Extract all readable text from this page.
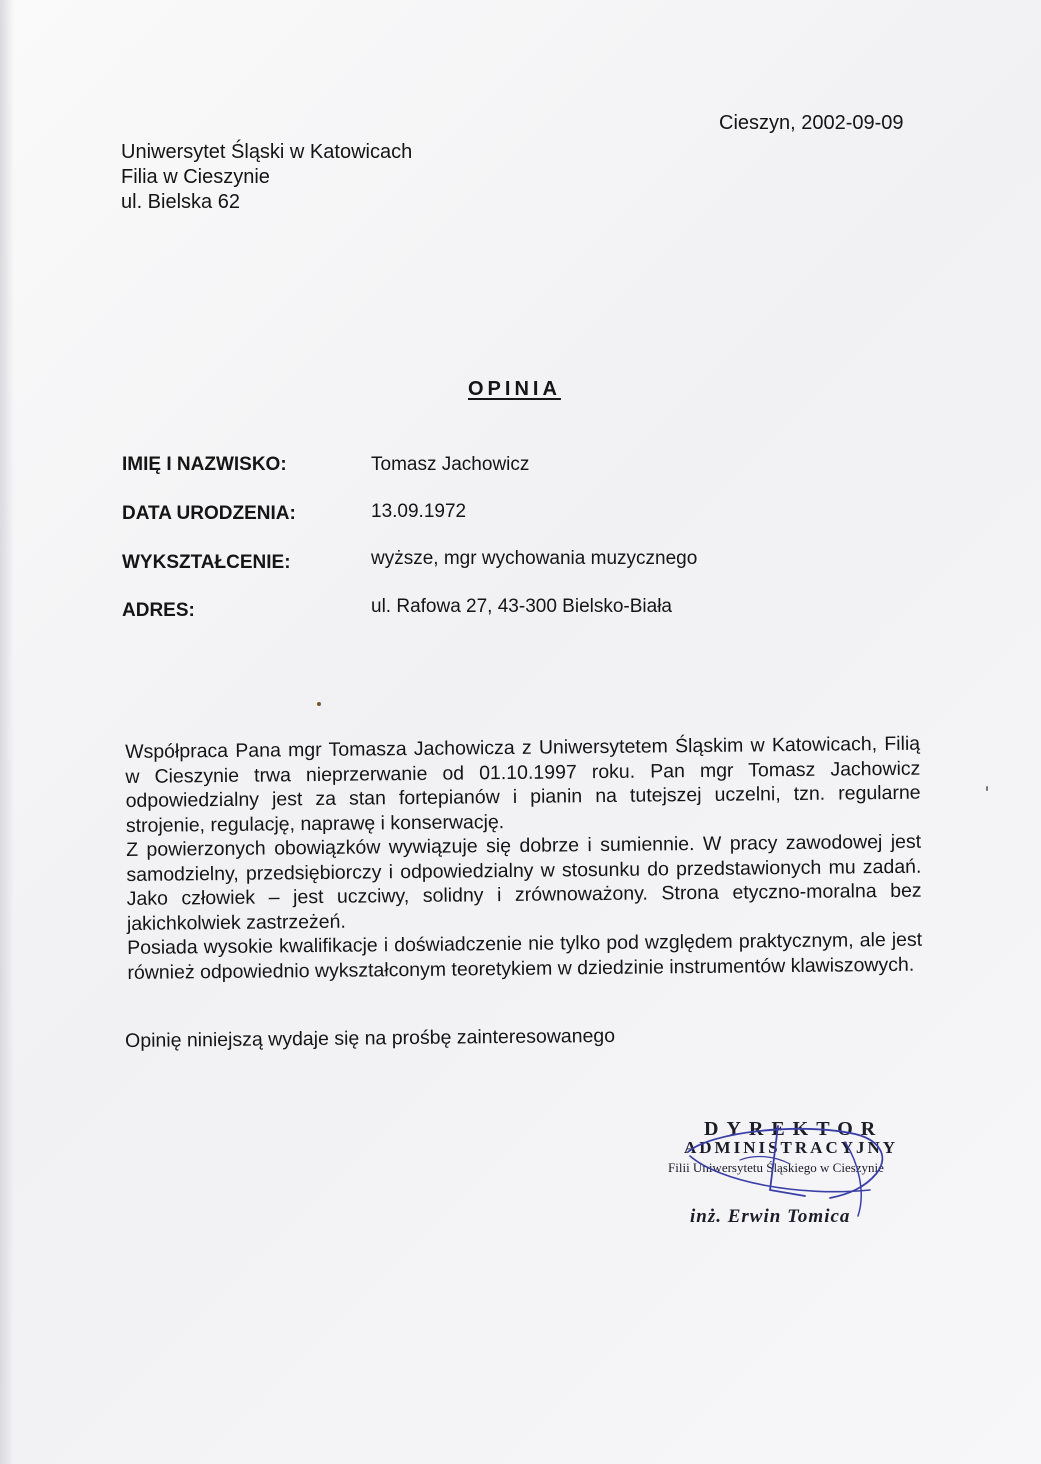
Cieszyn, 2002-09-09
Uniwersytet Śląski w Katowicach
Filia w Cieszynie
ul. Bielska 62
OPINIA
IMIĘ I NAZWISKO:	Tomasz Jachowicz
DATA URODZENIA:	13.09.1972
WYKSZTAŁCENIE:	wyższe, mgr wychowania muzycznego
ADRES:	ul. Rafowa 27, 43-300 Bielsko-Biała

Współpraca Pana mgr Tomasza Jachowicza z Uniwersytetem Śląskim w Katowicach, Filią w Cieszynie trwa nieprzerwanie od 01.10.1997 roku. Pan mgr Tomasz Jachowicz odpowiedzialny jest za stan fortepianów i pianin na tutejszej uczelni, tzn. regularne strojenie, regulację, naprawę i konserwację.

Z powierzonych obowiązków wywiązuje się dobrze i sumiennie. W pracy zawodowej jest samodzielny, przedsiębiorczy i odpowiedzialny w stosunku do przedstawionych mu zadań. Jako człowiek – jest uczciwy, solidny i zrównoważony. Strona etyczno-moralna bez jakichkolwiek zastrzeżeń.

Posiada wysokie kwalifikacje i doświadczenie nie tylko pod względem praktycznym, ale jest również odpowiednio wykształconym teoretykiem w dziedzinie instrumentów klawiszowych.

Opinię niniejszą wydaje się na prośbę zainteresowanego
DYREKTOR
ADMINISTRACYJNY
Filii Uniwersytetu Śląskiego w Cieszynie
inż. Erwin Tomica
